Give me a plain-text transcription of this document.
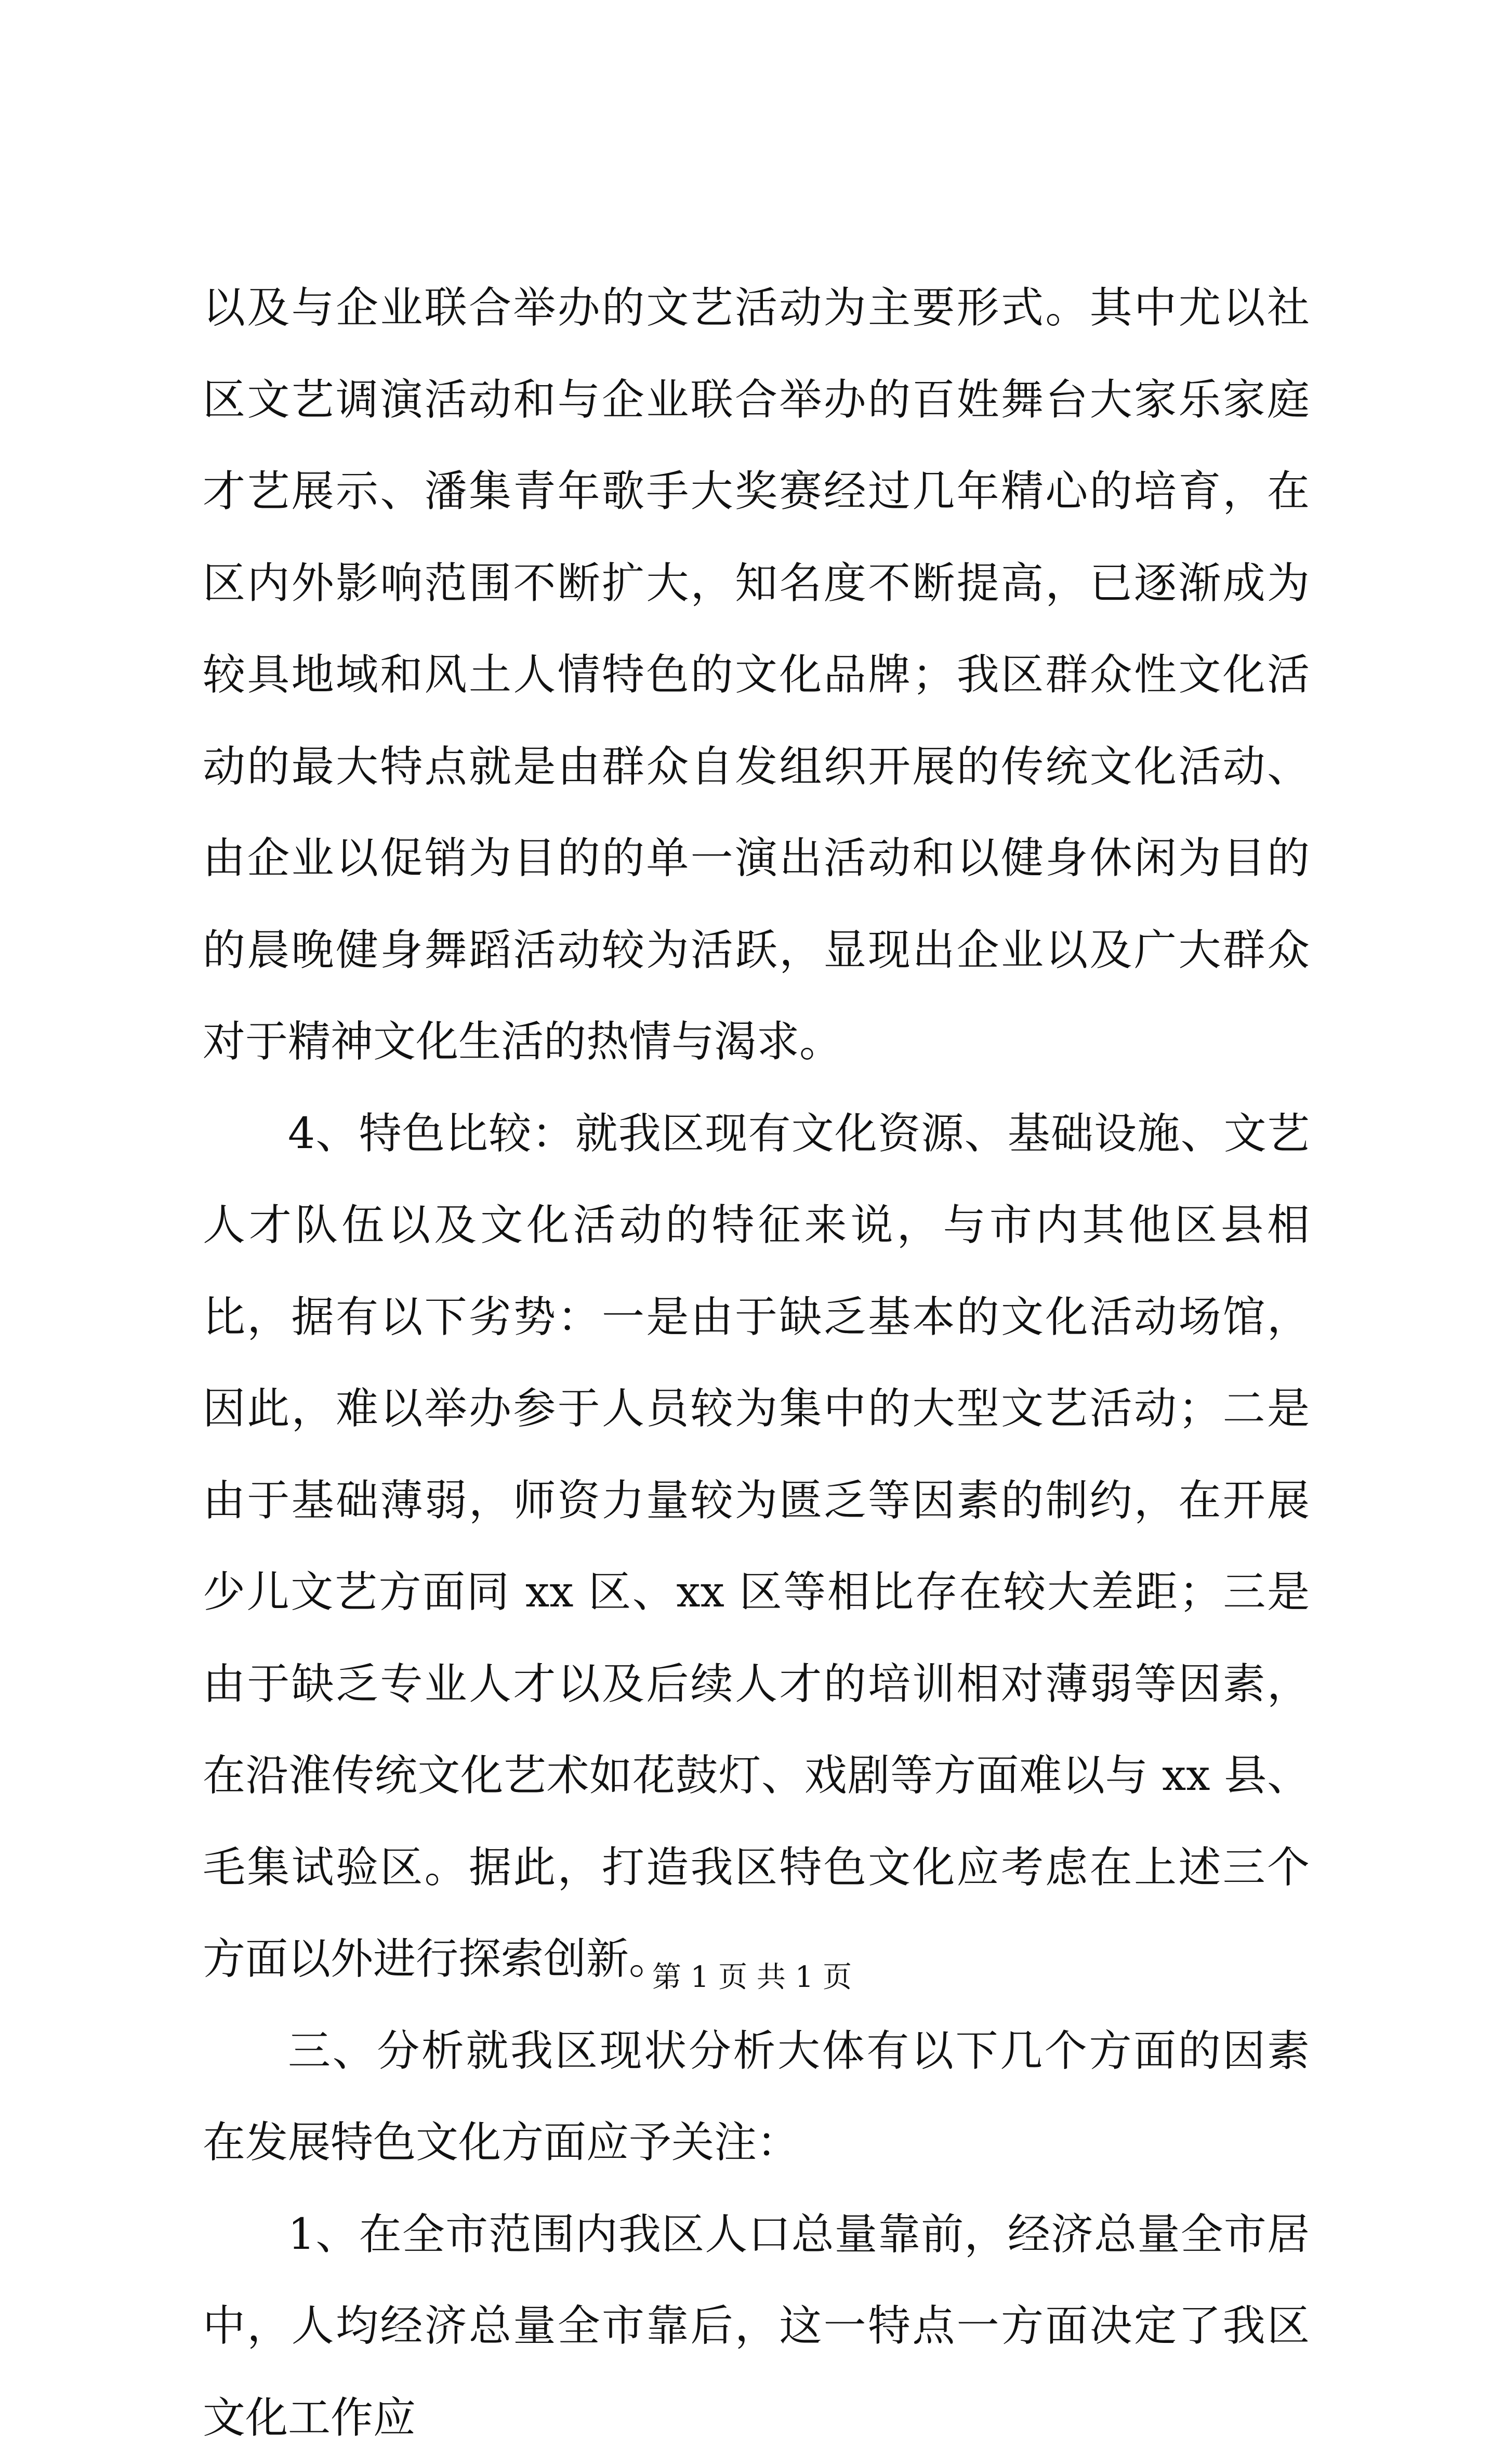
以及与企业联合举办的文艺活动为主要形式。其中尤以社区文艺调演活动和与企业联合举办的百姓舞台大家乐家庭才艺展示、潘集青年歌手大奖赛经过几年精心的培育，在区内外影响范围不断扩大，知名度不断提高，已逐渐成为较具地域和风土人情特色的文化品牌；我区群众性文化活动的最大特点就是由群众自发组织开展的传统文化活动、由企业以促销为目的的单一演出活动和以健身休闲为目的的晨晚健身舞蹈活动较为活跃，显现出企业以及广大群众对于精神文化生活的热情与渴求。

4、特色比较：就我区现有文化资源、基础设施、文艺人才队伍以及文化活动的特征来说，与市内其他区县相比，据有以下劣势：一是由于缺乏基本的文化活动场馆，因此，难以举办参于人员较为集中的大型文艺活动；二是由于基础薄弱，师资力量较为匮乏等因素的制约，在开展少儿文艺方面同 xx 区、xx 区等相比存在较大差距；三是由于缺乏专业人才以及后续人才的培训相对薄弱等因素，在沿淮传统文化艺术如花鼓灯、戏剧等方面难以与 xx 县、毛集试验区。据此，打造我区特色文化应考虑在上述三个方面以外进行探索创新。

三、分析就我区现状分析大体有以下几个方面的因素在发展特色文化方面应予关注：

1、在全市范围内我区人口总量靠前，经济总量全市居中，人均经济总量全市靠后，这一特点一方面决定了我区文化工作应

第 1 页 共 1 页
